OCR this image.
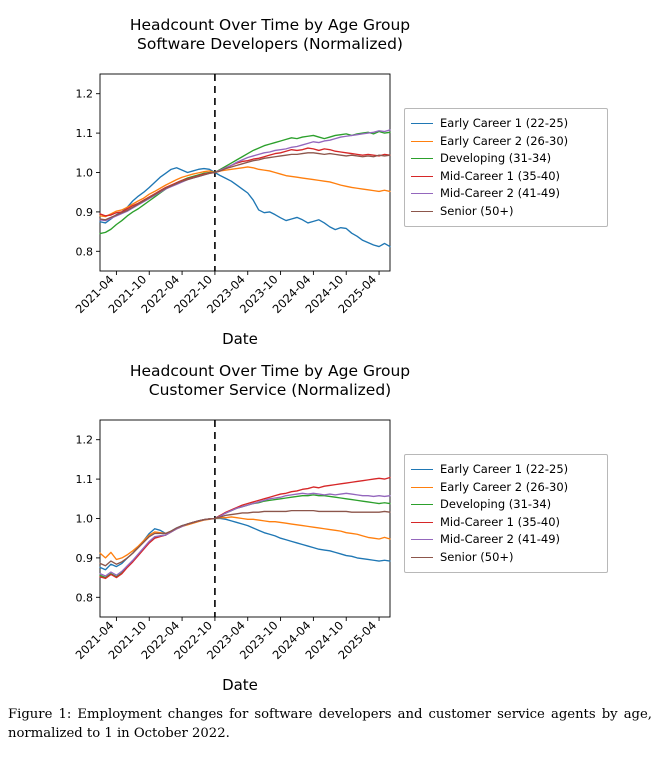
Headcount Over Time by Age Group
Software Developers (Normalized)
0.8
0.9
1.0
1.1
1.2
2021-04
2021-10
2022-04
2022-10
2023-04
2023-10
2024-04
2024-10
2025-04
Early Career 1 (22-25)
Early Career 2 (26-30)
Developing (31-34)
Mid-Career 1 (35-40)
Mid-Career 2 (41-49)
Senior (50+)
Date
Headcount Over Time by Age Group
Customer Service (Normalized)
0.8
0.9
1.0
1.1
1.2
2021-04
2021-10
2022-04
2022-10
2023-04
2023-10
2024-04
2024-10
2025-04
Early Career 1 (22-25)
Early Career 2 (26-30)
Developing (31-34)
Mid-Career 1 (35-40)
Mid-Career 2 (41-49)
Senior (50+)
Date
Figure 1: Employment changes for software developers and customer service agents by age, normalized to 1 in October 2022.
